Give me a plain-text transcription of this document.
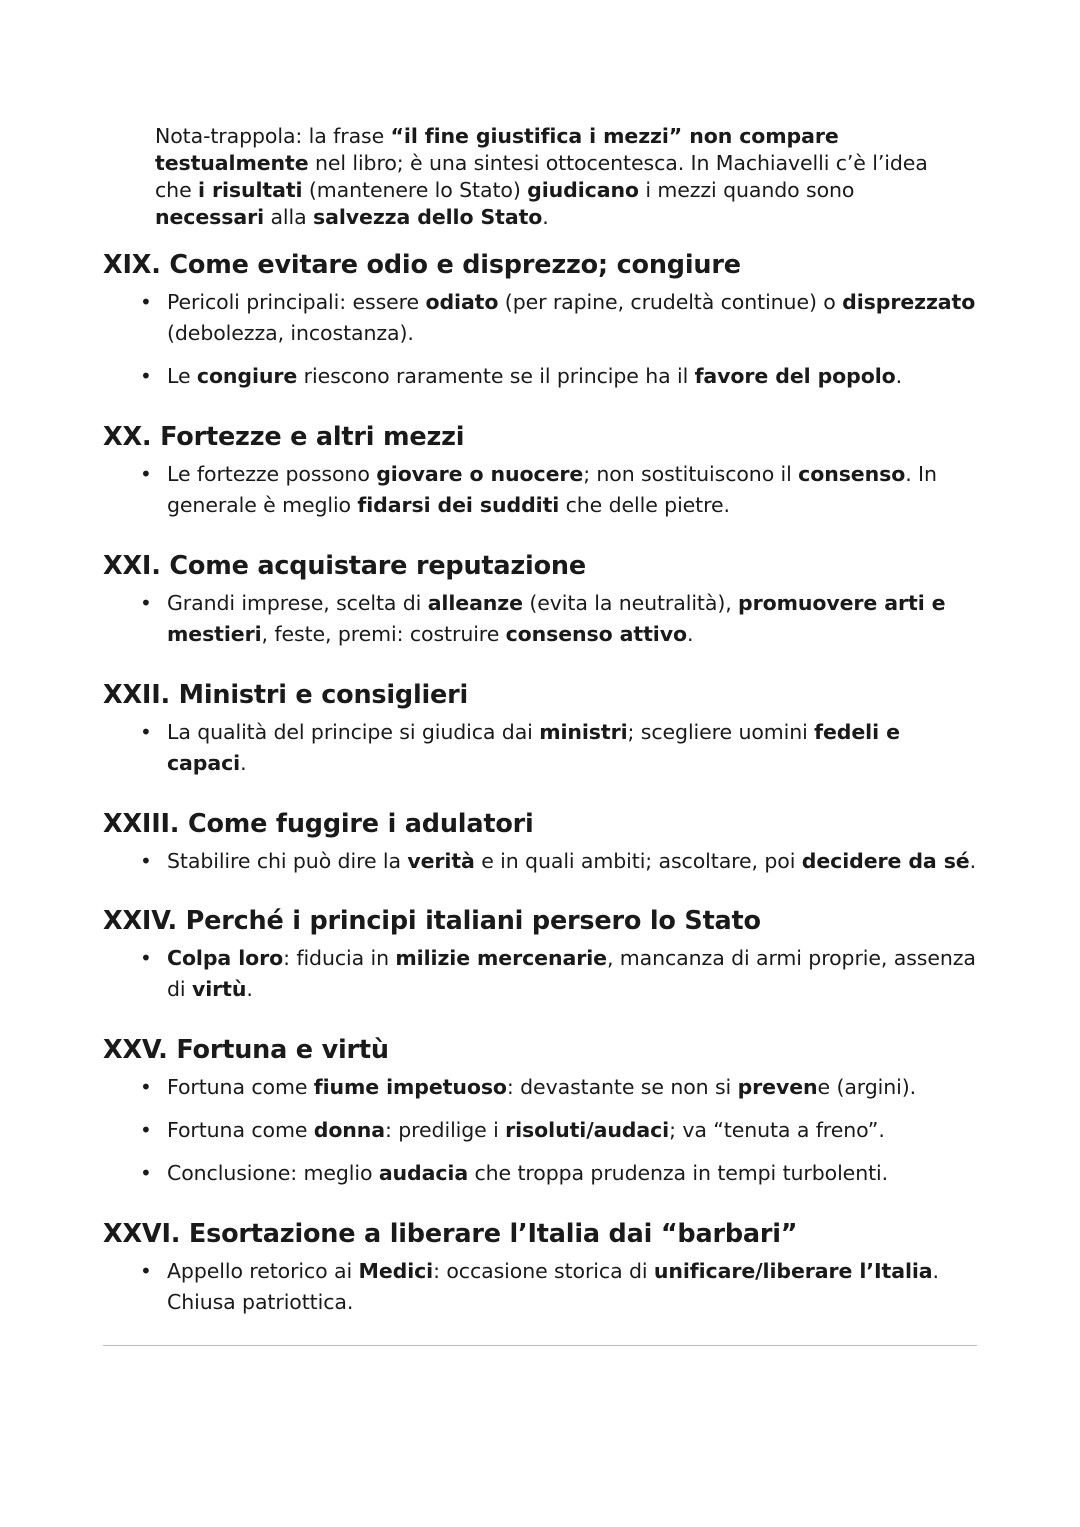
Nota-trappola: la frase “il fine giustifica i mezzi” non compare testualmente nel libro; è una sintesi ottocentesca. In Machiavelli c’è l’idea che i risultati (mantenere lo Stato) giudicano i mezzi quando sono necessari alla salvezza dello Stato.

XIX. Come evitare odio e disprezzo; congiure
• Pericoli principali: essere odiato (per rapine, crudeltà continue) o disprezzato (debolezza, incostanza).
• Le congiure riescono raramente se il principe ha il favore del popolo.
XX. Fortezze e altri mezzi
• Le fortezze possono giovare o nuocere; non sostituiscono il consenso. In generale è meglio fidarsi dei sudditi che delle pietre.
XXI. Come acquistare reputazione
• Grandi imprese, scelta di alleanze (evita la neutralità), promuovere arti e mestieri, feste, premi: costruire consenso attivo.
XXII. Ministri e consiglieri
• La qualità del principe si giudica dai ministri; scegliere uomini fedeli e capaci.
XXIII. Come fuggire i adulatori
• Stabilire chi può dire la verità e in quali ambiti; ascoltare, poi decidere da sé.
XXIV. Perché i principi italiani persero lo Stato
• Colpa loro: fiducia in milizie mercenarie, mancanza di armi proprie, assenza di virtù.
XXV. Fortuna e virtù
• Fortuna come fiume impetuoso: devastante se non si prevene (argini).
• Fortuna come donna: predilige i risoluti/audaci; va “tenuta a freno”.
• Conclusione: meglio audacia che troppa prudenza in tempi turbolenti.
XXVI. Esortazione a liberare l’Italia dai “barbari”
• Appello retorico ai Medici: occasione storica di unificare/liberare l’Italia. Chiusa patriottica.
